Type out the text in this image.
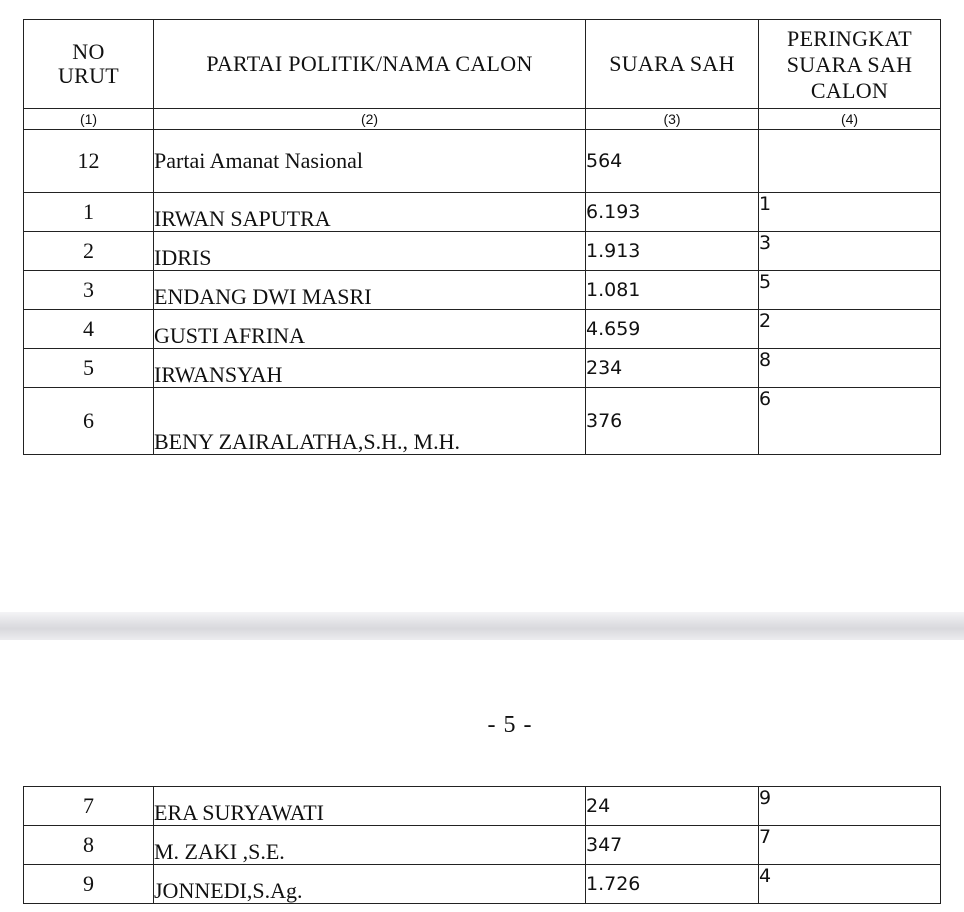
NO URUT	PARTAI POLITIK/NAMA CALON	SUARA SAH	PERINGKAT SUARA SAH CALON
(1)	(2)	(3)	(4)
12	Partai Amanat Nasional	564	
1	IRWAN SAPUTRA	6.193	1
2	IDRIS	1.913	3
3	ENDANG DWI MASRI	1.081	5
4	GUSTI AFRINA	4.659	2
5	IRWANSYAH	234	8
6	BENY ZAIRALATHA,S.H., M.H.	376	6
- 5 -
7	ERA SURYAWATI	24	9
8	M. ZAKI ,S.E.	347	7
9	JONNEDI,S.Ag.	1.726	4
